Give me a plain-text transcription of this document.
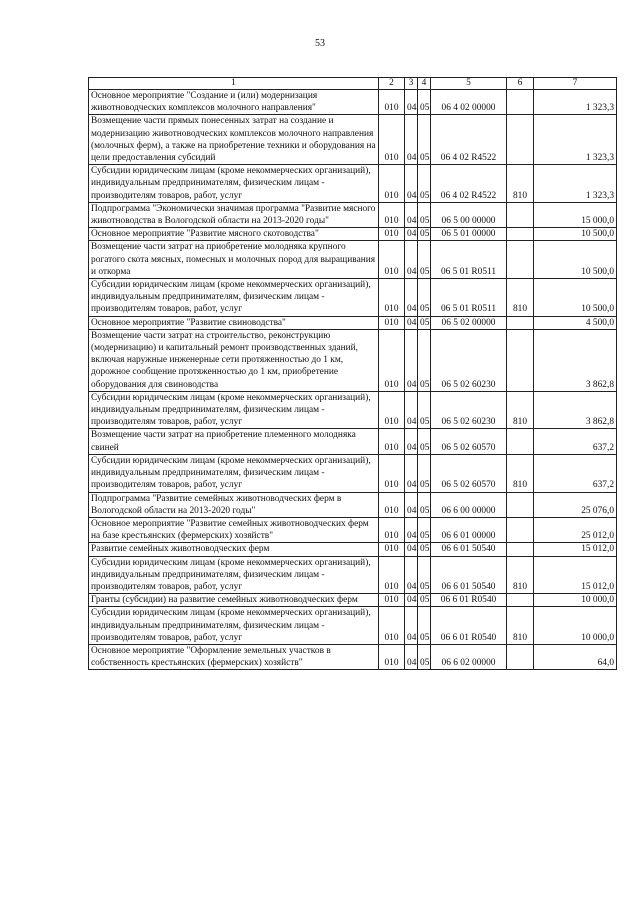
53
1	2	3	4	5	6	7
Основное мероприятие "Создание и (или) модернизация животноводческих комплексов молочного направления"	010	04	05	06 4 02 00000		1 323,3
Возмещение части прямых понесенных затрат на создание и модернизацию животноводческих комплексов молочного направления (молочных ферм), а также на приобретение техники и оборудования на цели предоставления субсидий	010	04	05	06 4 02 R4522		1 323,3
Субсидии юридическим лицам (кроме некоммерческих организаций), индивидуальным предпринимателям, физическим лицам - производителям товаров, работ, услуг	010	04	05	06 4 02 R4522	810	1 323,3
Подпрограмма "Экономически значимая программа "Развитие мясного животноводства в Вологодской области на 2013-2020 годы"	010	04	05	06 5 00 00000		15 000,0
Основное мероприятие "Развитие мясного скотоводства"	010	04	05	06 5 01 00000		10 500,0
Возмещение части затрат на приобретение молодняка крупного рогатого скота мясных, помесных и молочных пород для выращивания и откорма	010	04	05	06 5 01 R0511		10 500,0
Субсидии юридическим лицам (кроме некоммерческих организаций), индивидуальным предпринимателям, физическим лицам - производителям товаров, работ, услуг	010	04	05	06 5 01 R0511	810	10 500,0
Основное мероприятие "Развитие свиноводства"	010	04	05	06 5 02 00000		4 500,0
Возмещение части затрат на строительство, реконструкцию (модернизацию) и капитальный ремонт производственных зданий, включая наружные инженерные сети протяженностью до 1 км, дорожное сообщение протяженностью до 1 км, приобретение оборудования для свиноводства	010	04	05	06 5 02 60230		3 862,8
Субсидии юридическим лицам (кроме некоммерческих организаций), индивидуальным предпринимателям, физическим лицам - производителям товаров, работ, услуг	010	04	05	06 5 02 60230	810	3 862,8
Возмещение части затрат на приобретение племенного молодняка свиней	010	04	05	06 5 02 60570		637,2
Субсидии юридическим лицам (кроме некоммерческих организаций), индивидуальным предпринимателям, физическим лицам - производителям товаров, работ, услуг	010	04	05	06 5 02 60570	810	637,2
Подпрограмма "Развитие семейных животноводческих ферм в Вологодской области на 2013-2020 годы"	010	04	05	06 6 00 00000		25 076,0
Основное мероприятие "Развитие семейных животноводческих ферм на базе крестьянских (фермерских) хозяйств"	010	04	05	06 6 01 00000		25 012,0
Развитие семейных животноводческих ферм	010	04	05	06 6 01 50540		15 012,0
Субсидии юридическим лицам (кроме некоммерческих организаций), индивидуальным предпринимателям, физическим лицам - производителям товаров, работ, услуг	010	04	05	06 6 01 50540	810	15 012,0
Гранты (субсидии) на развитие семейных животноводческих ферм	010	04	05	06 6 01 R0540		10 000,0
Субсидии юридическим лицам (кроме некоммерческих организаций), индивидуальным предпринимателям, физическим лицам - производителям товаров, работ, услуг	010	04	05	06 6 01 R0540	810	10 000,0
Основное мероприятие "Оформление земельных участков в собственность крестьянских (фермерских) хозяйств"	010	04	05	06 6 02 00000		64,0
